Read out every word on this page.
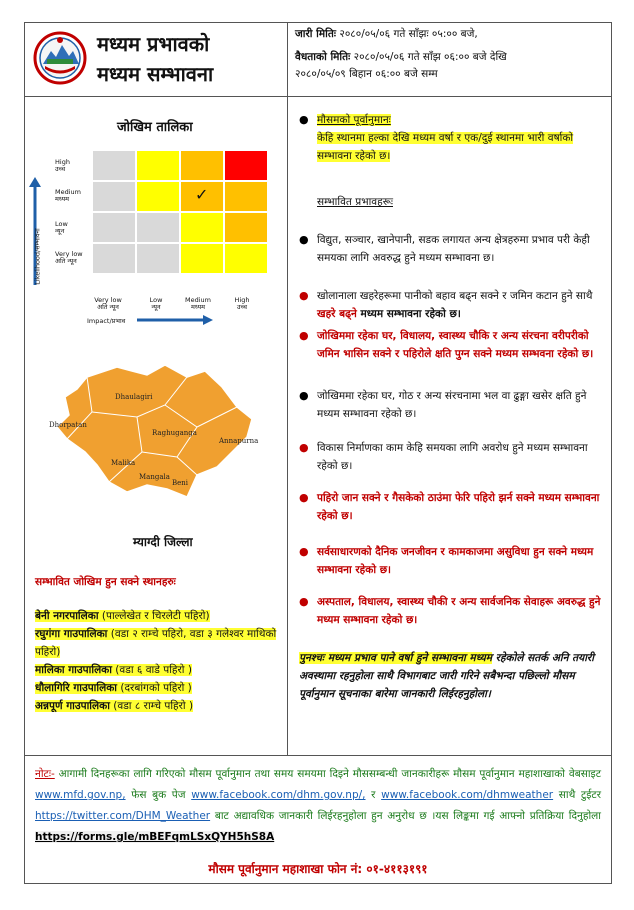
मध्यम प्रभावको
मध्यम सम्भावना
जारी मितिः २०८०/०५/०६ गते साँझः ०५:०० बजे,
वैधताको मितिः २०८०/०५/०६ गते साँझ ०६:०० बजे देखि
२०८०/०५/०९ बिहान ०६:०० बजे सम्म
जोखिम तालिका
Likelihood/सम्भावना
✓
High
उच्च
Medium
मध्यम
Low
न्यून
Very low
अति न्यून
Very low
अति न्यून
Low
न्यून
Medium
मध्यम
High
उच्च
Impact/प्रभाव
Dhaulagiri
Dhorpatan
Raghuganga
Annapurna
Malika
Mangala
Beni
म्याग्दी जिल्ला
सम्भावित जोखिम हुन सक्ने स्थानहरुः
बेनी नगरपालिका (पाल्लेखेत र चिरलेटी पहिरो)
रघुगंगा गाउपालिका (वडा २ राम्चे पहिरो, वडा ३ गलेश्वर माथिको पहिरो)
मालिका गाउपालिका (वडा ६ वाडे पहिरो )
धौलागिरि गाउपालिका (दरबांगको पहिरो )
अन्नपूर्ण गाउपालिका (वडा ८ राम्चे पहिरो )
● मौसमको पूर्वानुमानः
केहि स्थानमा हल्का देखि मध्यम वर्षा र एक/दुई स्थानमा भारी वर्षाको सम्भावना रहेको छ।
सम्भावित प्रभावहरूः
● विद्युत, सञ्चार, खानेपानी, सडक लगायत अन्य क्षेत्रहरुमा प्रभाव परी केही समयका लागि अवरुद्ध हुने मध्यम सम्भावना छ।
● खोलानाला खहरेहरूमा पानीको बहाव बढ्न सक्ने र जमिन कटान हुने साथै खहरे बढ्ने मध्यम सम्भावना रहेको छ।
● जोखिममा रहेका घर, विधालय, स्वास्थ्य चौकि र अन्य संरचना वरीपरीको जमिन भासिन सक्ने र पहिरोले क्षति पुग्न सक्ने मध्यम सम्भवना रहेको छ।
● जोखिममा रहेका घर, गोठ र अन्य संरचनामा भल वा ढुङ्गा खसेर क्षति हुने मध्यम सम्भावना रहेको छ।
● विकास निर्माणका काम केहि समयका लागि अवरोध हुने मध्यम सम्भावना रहेको छ।
● पहिरो जान सक्ने र गैसकेको ठाउंमा फेरि पहिरो झर्न सक्ने मध्यम सम्भावना रहेको छ।
● सर्वसाधारणको दैनिक जनजीवन र कामकाजमा असुविधा हुन सक्ने मध्यम सम्भावना रहेको छ।
● अस्पताल, विधालय, स्वास्थ्य चौकी र अन्य सार्वजनिक सेवाहरू अवरुद्ध हुने मध्यम सम्भावना रहेको छ।
पुनश्चः मध्यम प्रभाव पाने वर्षा हुने सम्भावना मध्यम रहेकोले सतर्क अनि तयारी अवस्थामा रहनुहोला साथै विभागबाट जारी गरिने सबैभन्दा पछिल्लो मौसम पूर्वानुमान सूचनाका बारेमा जानकारी लिईरहनुहोला।
नोटः- आगामी दिनहरूका लागि गरिएको मौसम पूर्वानुमान तथा समय समयमा दिइने मौससम्बन्धी जानकारीहरू मौसम पूर्वानुमान महाशाखाको वेबसाइट www.mfd.gov.np, फेस बुक पेज www.facebook.com/dhm.gov.np/, र www.facebook.com/dhmweather साथै टुईटर https://twitter.com/DHM_Weather बाट अद्यावधिक जानकारी लिईरहनुहोला हुन अनुरोध छ ।यस लिङ्कमा गई आफ्नो प्रतिक्रिया दिनुहोला https://forms.gle/mBEFqmLSxQYH5hS8A
मौसम पूर्वानुमान महाशाखा फोन नं: ०१-४११३१९१
